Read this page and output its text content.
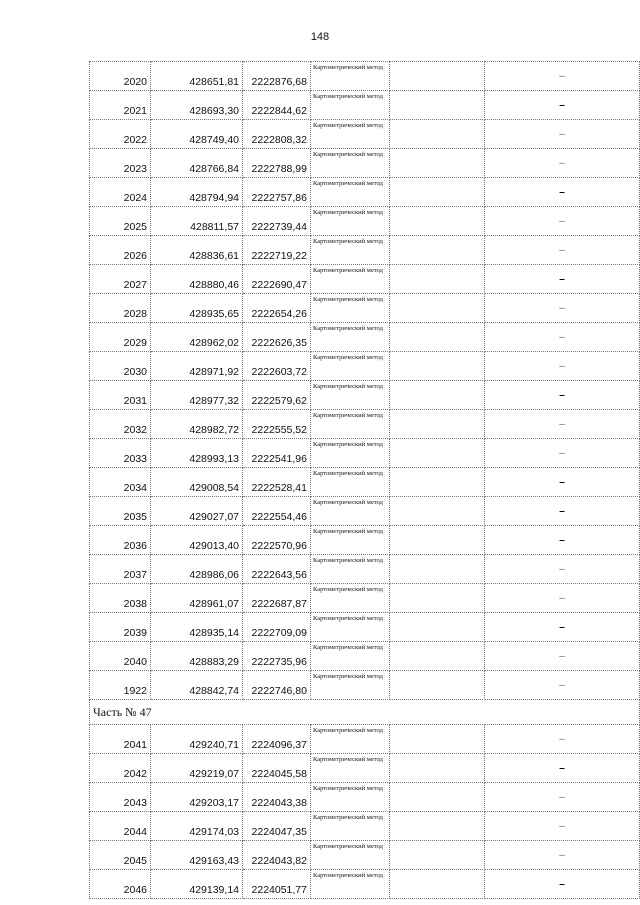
148
2020	428651,81	2222876,68	Картометрический метод		–
2021	428693,30	2222844,62	Картометрический метод		–
2022	428749,40	2222808,32	Картометрический метод		–
2023	428766,84	2222788,99	Картометрический метод		–
2024	428794,94	2222757,86	Картометрический метод		–
2025	428811,57	2222739,44	Картометрический метод		–
2026	428836,61	2222719,22	Картометрический метод		–
2027	428880,46	2222690,47	Картометрический метод		–
2028	428935,65	2222654,26	Картометрический метод		–
2029	428962,02	2222626,35	Картометрический метод		–
2030	428971,92	2222603,72	Картометрический метод		–
2031	428977,32	2222579,62	Картометрический метод		–
2032	428982,72	2222555,52	Картометрический метод		–
2033	428993,13	2222541,96	Картометрический метод		–
2034	429008,54	2222528,41	Картометрический метод		–
2035	429027,07	2222554,46	Картометрический метод		–
2036	429013,40	2222570,96	Картометрический метод		–
2037	428986,06	2222643,56	Картометрический метод		–
2038	428961,07	2222687,87	Картометрический метод		–
2039	428935,14	2222709,09	Картометрический метод		–
2040	428883,29	2222735,96	Картометрический метод		–
1922	428842,74	2222746,80	Картометрический метод		–
Часть № 47					
2041	429240,71	2224096,37	Картометрический метод		–
2042	429219,07	2224045,58	Картометрический метод		–
2043	429203,17	2224043,38	Картометрический метод		–
2044	429174,03	2224047,35	Картометрический метод		–
2045	429163,43	2224043,82	Картометрический метод		–
2046	429139,14	2224051,77	Картометрический метод		–
